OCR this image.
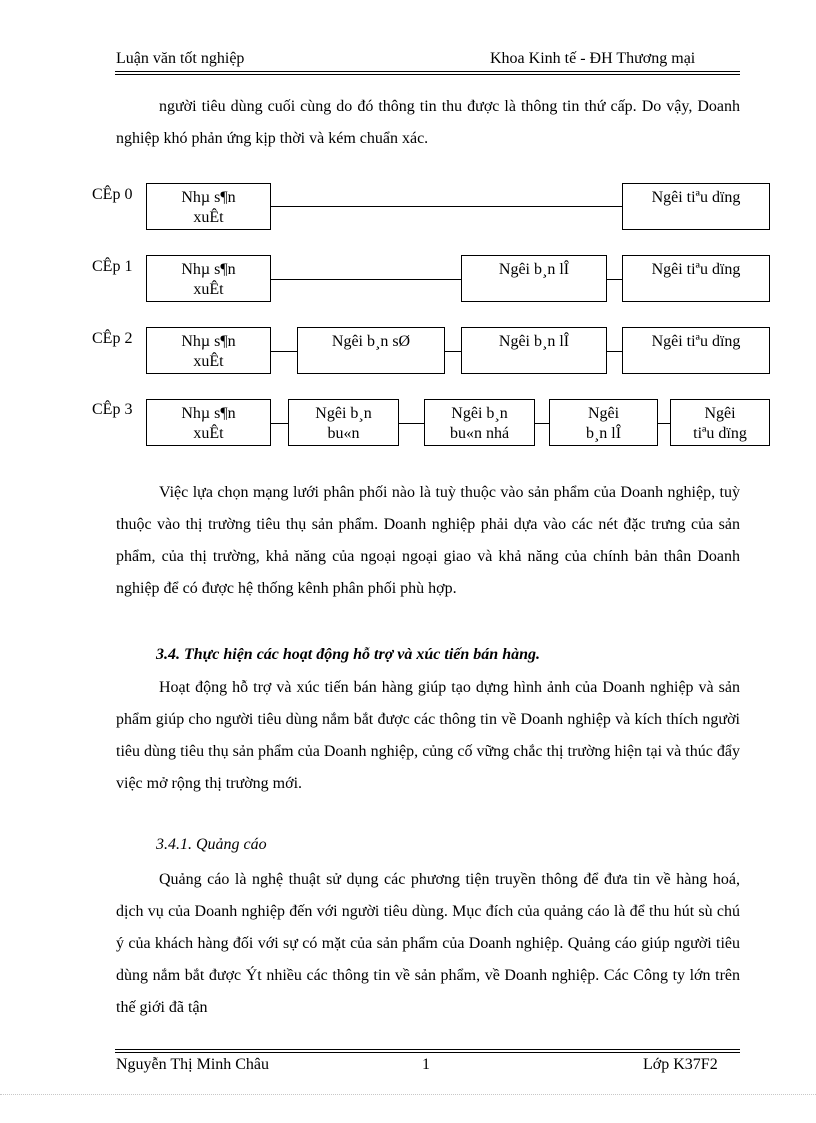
Luận văn tốt nghiệp	Khoa Kinh tế - ĐH Thương mại
người tiêu dùng cuối cùng do đó thông tin thu được là thông tin thứ cấp. Do vậy, Doanh nghiệp khó phản ứng kịp thời và kém chuẩn xác.
CÊp 0	Nhµ s¶n
xuÊt
Ngêi tiªu dïng
CÊp 1	Nhµ s¶n
xuÊt
Ngêi b¸n lÎ	Ngêi tiªu dïng
CÊp 2	Nhµ s¶n
xuÊt
Ngêi b¸n sØ	Ngêi b¸n lÎ	Ngêi tiªu dïng
CÊp 3	Nhµ s¶n
xuÊt
Ngêi b¸n
bu«n
Ngêi b¸n
bu«n nhá
Ngêi
b¸n lÎ
Ngêi
tiªu dïng
Việc lựa chọn mạng lưới phân phối nào là tuỳ thuộc vào sản phẩm của Doanh nghiệp, tuỳ thuộc vào thị trường tiêu thụ sản phẩm. Doanh nghiệp phải dựa vào các nét đặc trưng của sản phẩm, của thị trường, khả năng của ngoại ngoại giao và khả năng của chính bản thân Doanh nghiệp để có được hệ thống kênh phân phối phù hợp.
3.4. Thực hiện các hoạt động hỗ trợ và xúc tiến bán hàng.
Hoạt động hỗ trợ và xúc tiến bán hàng giúp tạo dựng hình ảnh của Doanh nghiệp và sản phẩm giúp cho người tiêu dùng nắm bắt được các thông tin về Doanh nghiệp và kích thích người tiêu dùng tiêu thụ sản phẩm của Doanh nghiệp, củng cố vững chắc thị trường hiện tại và thúc đẩy việc mở rộng thị trường mới.
3.4.1. Quảng cáo
Quảng cáo là nghệ thuật sử dụng các phương tiện truyền thông để đưa tin về hàng hoá, dịch vụ của Doanh nghiệp đến với người tiêu dùng. Mục đích của quảng cáo là để thu hút sù chú ý của khách hàng đối với sự có mặt của sản phẩm của Doanh nghiệp. Quảng cáo giúp người tiêu dùng nắm bắt được Ýt nhiều các thông tin về sản phẩm, về Doanh nghiệp. Các Công ty lớn trên thế giới đã tận
Nguyễn Thị Minh Châu	1	Lớp K37F2
